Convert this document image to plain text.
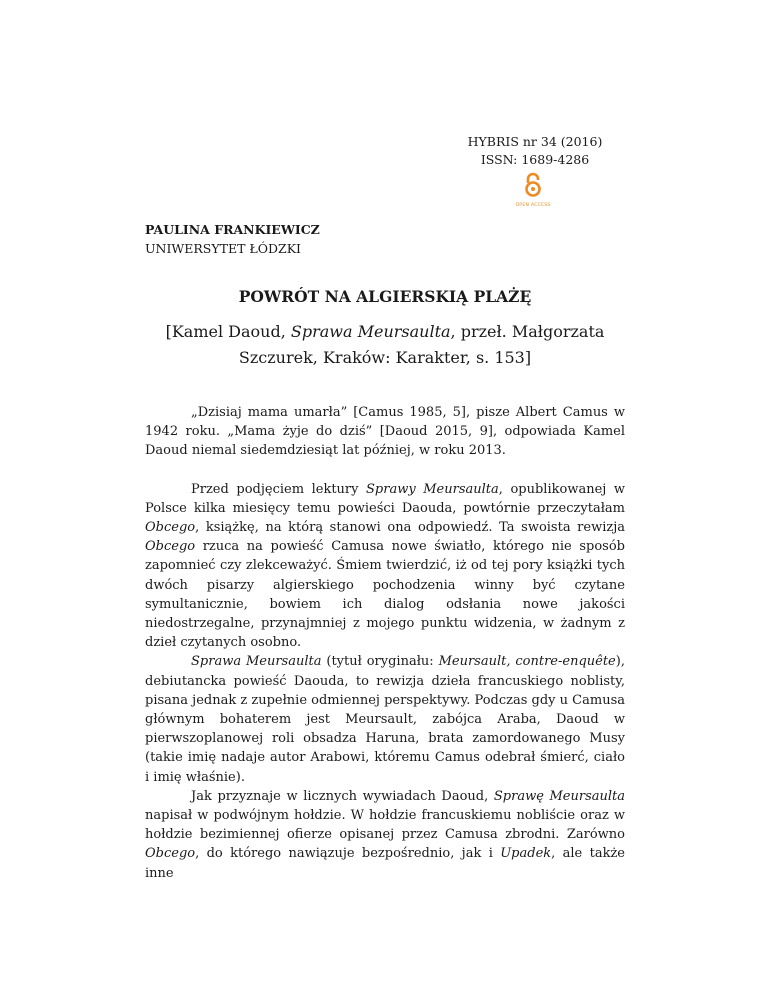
HYBRIS nr 34 (2016)
ISSN: 1689-4286
OPEN ACCESS
PAULINA FRANKIEWICZ
UNIWERSYTET ŁÓDZKI
POWRÓT NA ALGIERSKIĄ PLAŻĘ
[Kamel Daoud, Sprawa Meursaulta, przeł. Małgorzata Szczurek, Kraków: Karakter, s. 153]

„Dzisiaj mama umarła” [Camus 1985, 5], pisze Albert Camus w 1942 roku. „Mama żyje do dziś” [Daoud 2015, 9], odpowiada Kamel Daoud niemal siedemdziesiąt lat później, w roku 2013.

Przed podjęciem lektury Sprawy Meursaulta, opublikowanej w Polsce kilka miesięcy temu powieści Daouda, powtórnie przeczytałam Obcego, książkę, na którą stanowi ona odpowiedź. Ta swoista rewizja Obcego rzuca na powieść Camusa nowe światło, którego nie sposób zapomnieć czy zlekceważyć. Śmiem twierdzić, iż od tej pory książki tych dwóch pisarzy algierskiego pochodzenia winny być czytane symultanicznie, bowiem ich dialog odsłania nowe jakości niedostrzegalne, przynajmniej z mojego punktu widzenia, w żadnym z dzieł czytanych osobno.

Sprawa Meursaulta (tytuł oryginału: Meursault, contre-enquête), debiutancka powieść Daouda, to rewizja dzieła francuskiego noblisty, pisana jednak z zupełnie odmiennej perspektywy. Podczas gdy u Camusa głównym bohaterem jest Meursault, zabójca Araba, Daoud w pierwszoplanowej roli obsadza Haruna, brata zamordowanego Musy (takie imię nadaje autor Arabowi, któremu Camus odebrał śmierć, ciało i imię właśnie).

Jak przyznaje w licznych wywiadach Daoud, Sprawę Meursaulta napisał w podwójnym hołdzie. W hołdzie francuskiemu nobliście oraz w hołdzie bezimiennej ofierze opisanej przez Camusa zbrodni. Zarówno Obcego, do którego nawiązuje bezpośrednio, jak i Upadek, ale także inne
